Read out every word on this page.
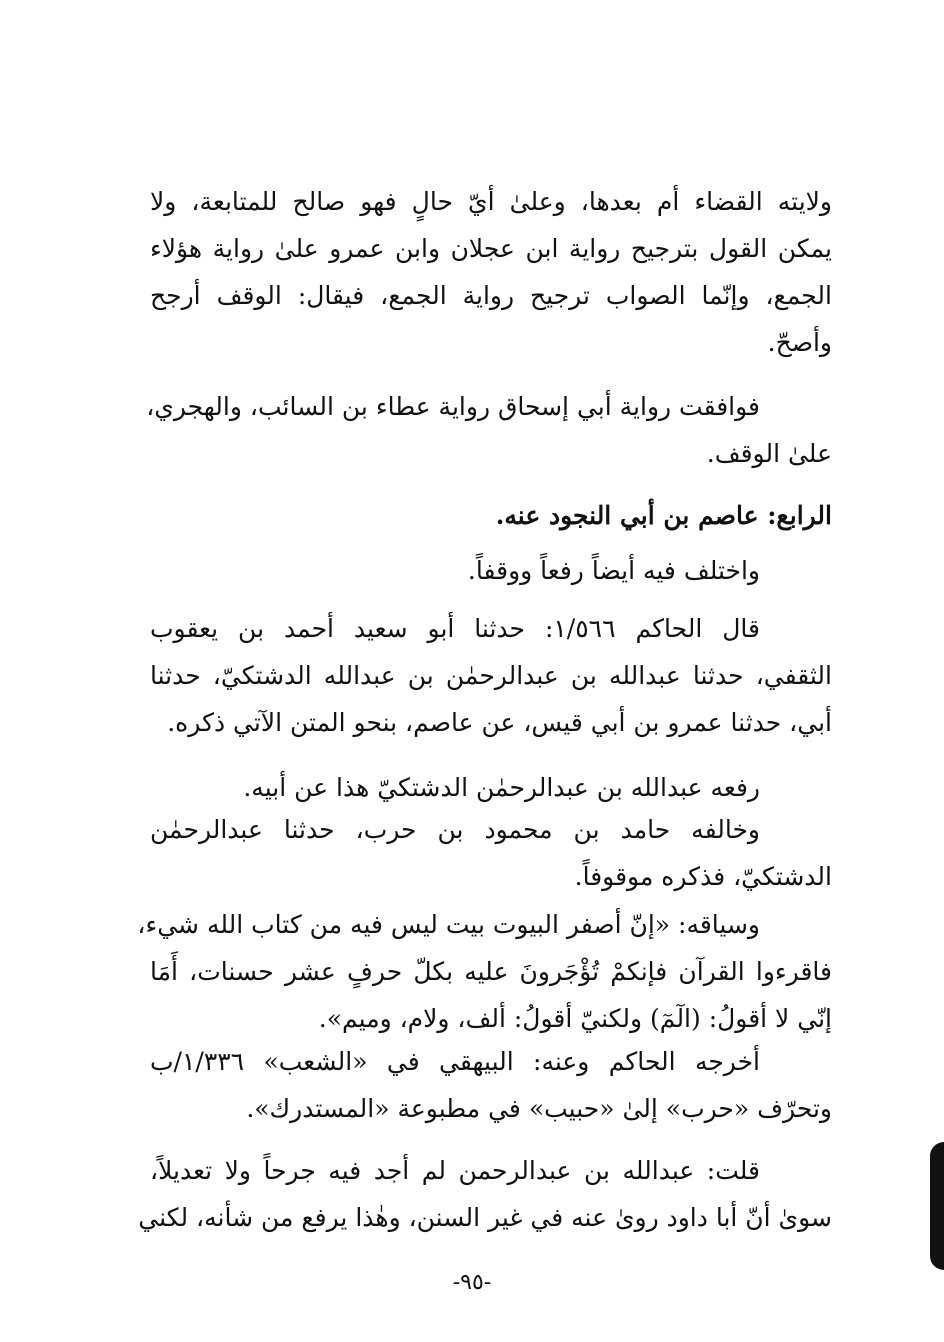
ولايته القضاء أم بعدها، وعلىٰ أيّ حالٍ فهو صالح للمتابعة، ولا
يمكن القول بترجيح رواية ابن عجلان وابن عمرو علىٰ رواية هؤلاء
الجمع، وإنّما الصواب ترجيح رواية الجمع، فيقال: الوقف أرجح
وأصحّ.
فوافقت رواية أبي إسحاق رواية عطاء بن السائب، والهجري،
علىٰ الوقف.
الرابع: عاصم بن أبي النجود عنه.
واختلف فيه أيضاً رفعاً ووقفاً.
قال الحاكم ١/٥٦٦: حدثنا أبو سعيد أحمد بن يعقوب
الثقفي، حدثنا عبدالله بن عبدالرحمٰن بن عبدالله الدشتكيّ، حدثنا
أبي، حدثنا عمرو بن أبي قيس، عن عاصم، بنحو المتن الآتي ذكره.
رفعه عبدالله بن عبدالرحمٰن الدشتكيّ هذا عن أبيه.
وخالفه حامد بن محمود بن حرب، حدثنا عبدالرحمٰن
الدشتكيّ، فذكره موقوفاً.
وسياقه: «إنّ أصفر البيوت بيت ليس فيه من كتاب الله شيء،
فاقرءوا القرآن فإنكمْ تُؤْجَرونَ عليه بكلّ حرفٍ عشر حسنات، أَمَا
إنّي لا أقولُ: (الٓمٓ) ولكنيّ أقولُ: ألف، ولام، وميم».
أخرجه الحاكم وعنه: البيهقي في «الشعب» ١/٣٣٦/ب
وتحرّف «حرب» إلىٰ «حبيب» في مطبوعة «المستدرك».
قلت: عبدالله بن عبدالرحمن لم أجد فيه جرحاً ولا تعديلاً،
سوىٰ أنّ أبا داود روىٰ عنه في غير السنن، وهٰذا يرفع من شأنه، لكني
-٩٥-
